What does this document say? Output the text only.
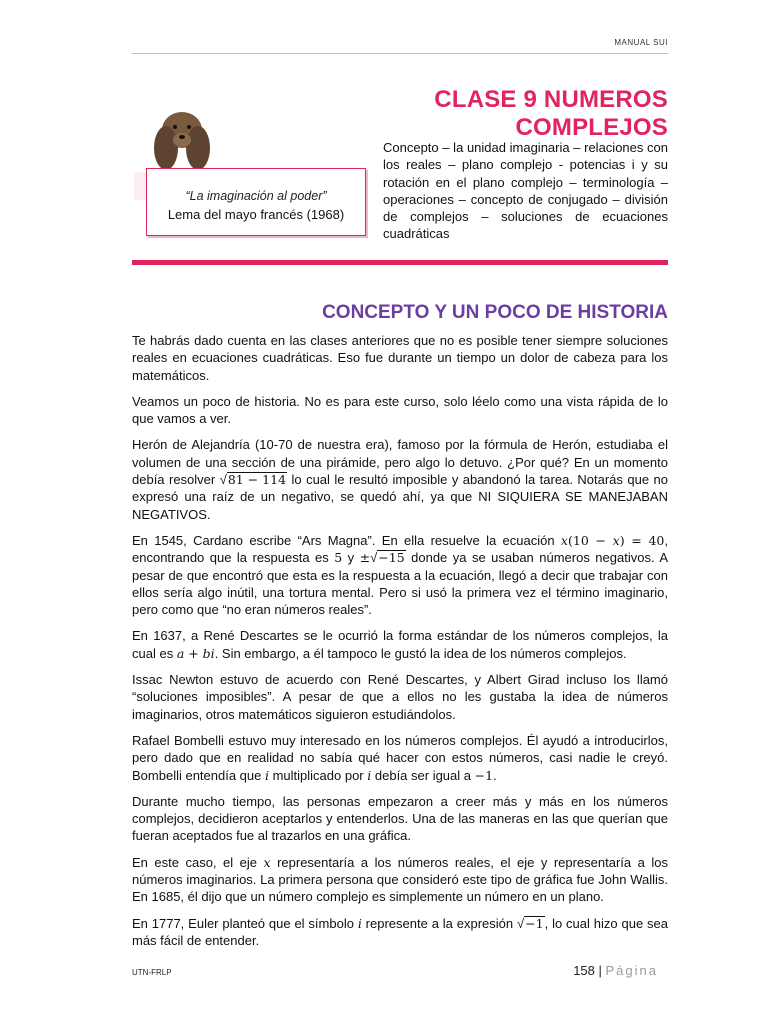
MANUAL SUI
CLASE 9 NUMEROS COMPLEJOS
“La imaginación al poder”
Lema del mayo francés (1968)
Concepto – la unidad imaginaria – relaciones con los reales – plano complejo - potencias i y su rotación en el plano complejo – terminología – operaciones – concepto de conjugado – división de complejos – soluciones de ecuaciones cuadráticas
CONCEPTO Y UN POCO DE HISTORIA

Te habrás dado cuenta en las clases anteriores que no es posible tener siempre soluciones reales en ecuaciones cuadráticas. Eso fue durante un tiempo un dolor de cabeza para los matemáticos.

Veamos un poco de historia. No es para este curso, solo léelo como una vista rápida de lo que vamos a ver.

Herón de Alejandría (10-70 de nuestra era), famoso por la fórmula de Herón, estudiaba el volumen de una sección de una pirámide, pero algo lo detuvo. ¿Por qué? En un momento debía resolver √81 − 114 lo cual le resultó imposible y abandonó la tarea. Notarás que no expresó una raíz de un negativo, se quedó ahí, ya que NI SIQUIERA SE MANEJABAN NEGATIVOS.

En 1545, Cardano escribe “Ars Magna”. En ella resuelve la ecuación x(10 − x) = 40, encontrando que la respuesta es 5 y ±√−15 donde ya se usaban números negativos. A pesar de que encontró que esta es la respuesta a la ecuación, llegó a decir que trabajar con ellos sería algo inútil, una tortura mental. Pero si usó la primera vez el término imaginario, pero como que “no eran números reales”.

En 1637, a René Descartes se le ocurrió la forma estándar de los números complejos, la cual es a + bi. Sin embargo, a él tampoco le gustó la idea de los números complejos.

Issac Newton estuvo de acuerdo con René Descartes, y Albert Girad incluso los llamó “soluciones imposibles”. A pesar de que a ellos no les gustaba la idea de números imaginarios, otros matemáticos siguieron estudiándolos.

Rafael Bombelli estuvo muy interesado en los números complejos. Él ayudó a introducirlos, pero dado que en realidad no sabía qué hacer con estos números, casi nadie le creyó. Bombelli entendía que i multiplicado por i debía ser igual a −1.

Durante mucho tiempo, las personas empezaron a creer más y más en los números complejos, decidieron aceptarlos y entenderlos. Una de las maneras en las que querían que fueran aceptados fue al trazarlos en una gráfica.

En este caso, el eje x representaría a los números reales, el eje y representaría a los números imaginarios. La primera persona que consideró este tipo de gráfica fue John Wallis. En 1685, él dijo que un número complejo es simplemente un número en un plano.

En 1777, Euler planteó que el símbolo i represente a la expresión √−1, lo cual hizo que sea más fácil de entender.

UTN-FRLP	158 | Página
